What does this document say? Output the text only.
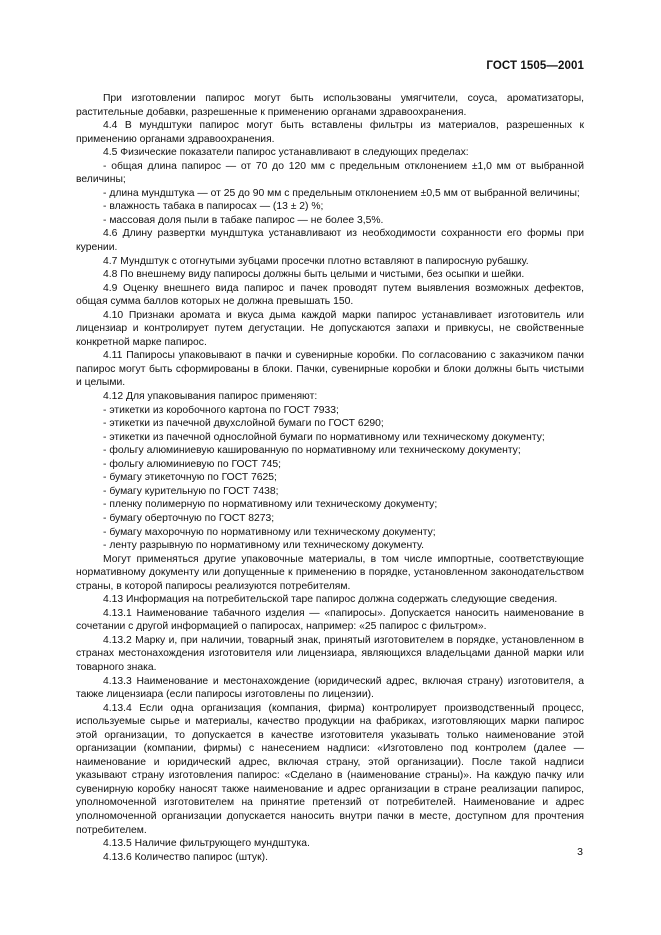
ГОСТ 1505—2001

При изготовлении папирос могут быть использованы умягчители, соуса, ароматизаторы, растительные добавки, разрешенные к применению органами здравоохранения.

4.4 В мундштуки папирос могут быть вставлены фильтры из материалов, разрешенных к применению органами здравоохранения.

4.5 Физические показатели папирос устанавливают в следующих пределах:

- общая длина папирос — от 70 до 120 мм с предельным отклонением ±1,0 мм от выбранной величины;

- длина мундштука — от 25 до 90 мм с предельным отклонением ±0,5 мм от выбранной величины;

- влажность табака в папиросах — (13 ± 2) %;

- массовая доля пыли в табаке папирос — не более 3,5%.

4.6 Длину развертки мундштука устанавливают из необходимости сохранности его формы при курении.

4.7 Мундштук с отогнутыми зубцами просечки плотно вставляют в папиросную рубашку.

4.8 По внешнему виду папиросы должны быть целыми и чистыми, без осыпки и шейки.

4.9 Оценку внешнего вида папирос и пачек проводят путем выявления возможных дефектов, общая сумма баллов которых не должна превышать 150.

4.10 Признаки аромата и вкуса дыма каждой марки папирос устанавливает изготовитель или лицензиар и контролирует путем дегустации. Не допускаются запахи и привкусы, не свойственные конкретной марке папирос.

4.11 Папиросы упаковывают в пачки и сувенирные коробки. По согласованию с заказчиком пачки папирос могут быть сформированы в блоки. Пачки, сувенирные коробки и блоки должны быть чистыми и целыми.

4.12 Для упаковывания папирос применяют:

- этикетки из коробочного картона по ГОСТ 7933;

- этикетки из пачечной двухслойной бумаги по ГОСТ 6290;

- этикетки из пачечной однослойной бумаги по нормативному или техническому документу;

- фольгу алюминиевую кашированную по нормативному или техническому документу;

- фольгу алюминиевую по ГОСТ 745;

- бумагу этикеточную по ГОСТ 7625;

- бумагу курительную по ГОСТ 7438;

- пленку полимерную по нормативному или техническому документу;

- бумагу оберточную по ГОСТ 8273;

- бумагу махорочную по нормативному или техническому документу;

- ленту разрывную по нормативному или техническому документу.

Могут применяться другие упаковочные материалы, в том числе импортные, соответствующие нормативному документу или допущенные к применению в порядке, установленном законодательством страны, в которой папиросы реализуются потребителям.

4.13 Информация на потребительской таре папирос должна содержать следующие сведения.

4.13.1 Наименование табачного изделия — «папиросы». Допускается наносить наименование в сочетании с другой информацией о папиросах, например: «25 папирос с фильтром».

4.13.2 Марку и, при наличии, товарный знак, принятый изготовителем в порядке, установленном в странах местонахождения изготовителя или лицензиара, являющихся владельцами данной марки или товарного знака.

4.13.3 Наименование и местонахождение (юридический адрес, включая страну) изготовителя, а также лицензиара (если папиросы изготовлены по лицензии).

4.13.4 Если одна организация (компания, фирма) контролирует производственный процесс, используемые сырье и материалы, качество продукции на фабриках, изготовляющих марки папирос этой организации, то допускается в качестве изготовителя указывать только наименование этой организации (компании, фирмы) с нанесением надписи: «Изготовлено под контролем (далее — наименование и юридический адрес, включая страну, этой организации). После такой надписи указывают страну изготовления папирос: «Сделано в (наименование страны)». На каждую пачку или сувенирную коробку наносят также наименование и адрес организации в стране реализации папирос, уполномоченной изготовителем на принятие претензий от потребителей. Наименование и адрес уполномоченной организации допускается наносить внутри пачки в месте, доступном для прочтения потребителем.

4.13.5 Наличие фильтрующего мундштука.

4.13.6 Количество папирос (штук).	3
